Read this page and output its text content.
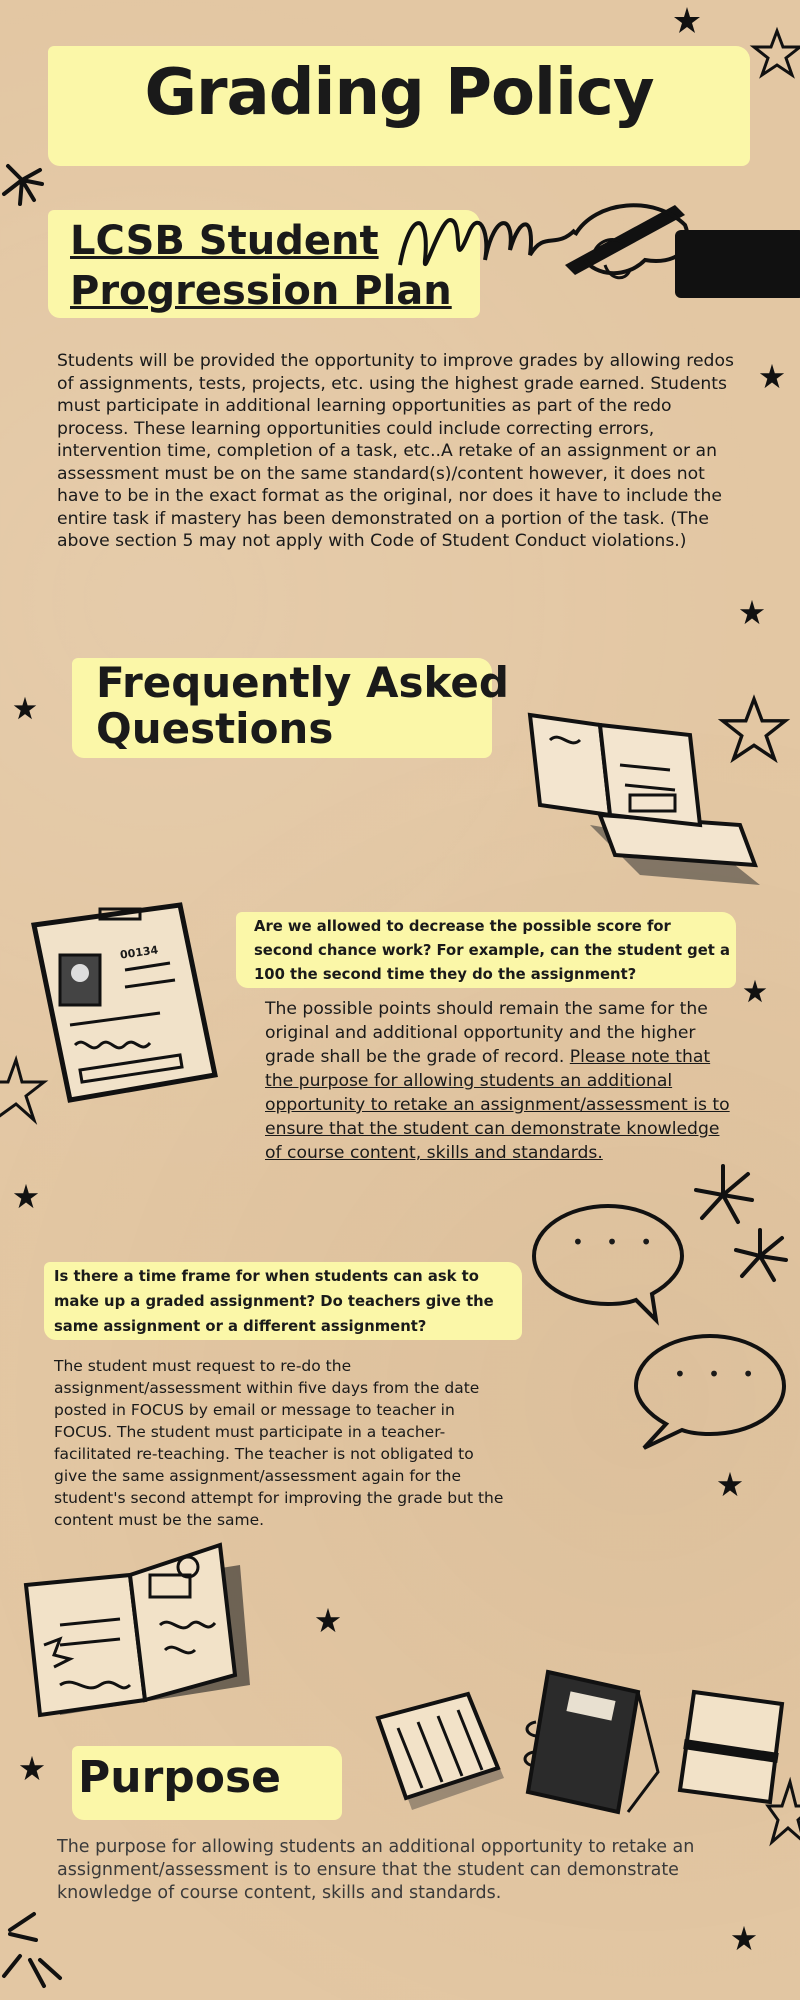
Grading Policy
LCSB Student
Progression Plan
Students will be provided the opportunity to improve grades by allowing redos of assignments, tests, projects, etc. using the highest grade earned. Students must participate in additional learning opportunities as part of the redo process. These learning opportunities could include correcting errors, intervention time, completion of a task, etc..A retake of an assignment or an assessment must be on the same standard(s)/content however, it does not have to be in the exact format as the original, nor does it have to include the entire task if mastery has been demonstrated on a portion of the task. (The above section 5 may not apply with Code of Student Conduct violations.)
Frequently Asked
Questions
Are we allowed to decrease the possible score for second chance work? For example, can the student get a 100 the second time they do the assignment?
The possible points should remain the same for the original and additional opportunity and the higher grade shall be the grade of record. Please note that the purpose for allowing students an additional opportunity to retake an assignment/assessment is to ensure that the student can demonstrate knowledge of course content, skills and standards.
Is there a time frame for when students can ask to make up a graded assignment? Do teachers give the same assignment or a different assignment?
The student must request to re-do the assignment/assessment within five days from the date posted in FOCUS by email or message to teacher in FOCUS. The student must participate in a teacher-facilitated re-teaching. The teacher is not obligated to give the same assignment/assessment again for the student's second attempt for improving the grade but the content must be the same.
Purpose
The purpose for allowing students an additional opportunity to retake an assignment/assessment is to ensure that the student can demonstrate knowledge of course content, skills and standards.
00134
• • •
• • •
